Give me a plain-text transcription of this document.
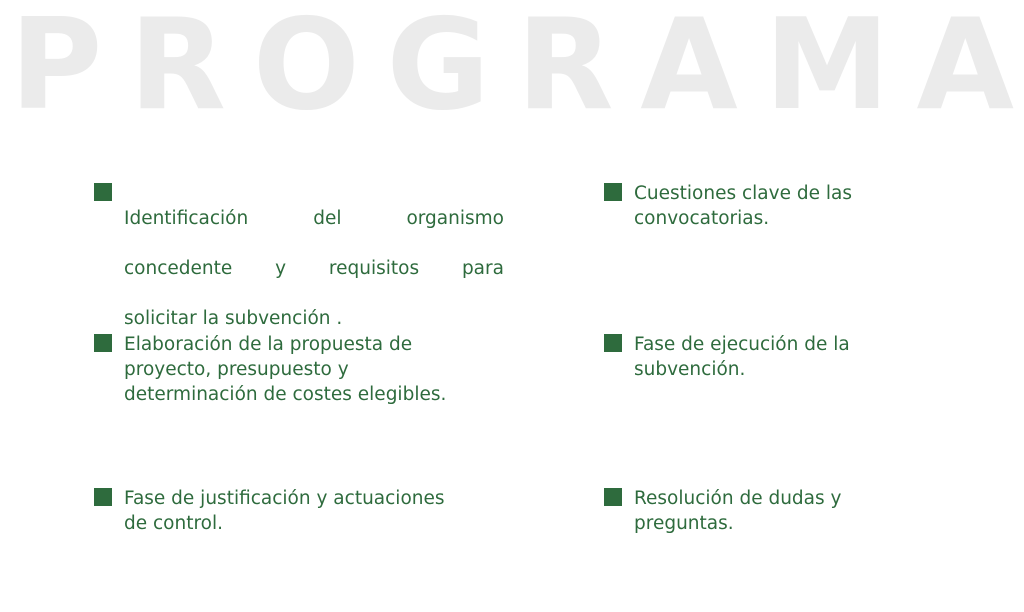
P R O G R A M A

Identificación	del	organismo

concedente y requisitos para

solicitar la subvención .

Cuestiones clave de las
convocatorias.
Elaboración de la propuesta de
proyecto, presupuesto y
determinación de costes elegibles.
Fase de ejecución de la
subvención.
Fase de justificación y actuaciones
de control.
Resolución de dudas y
preguntas.
